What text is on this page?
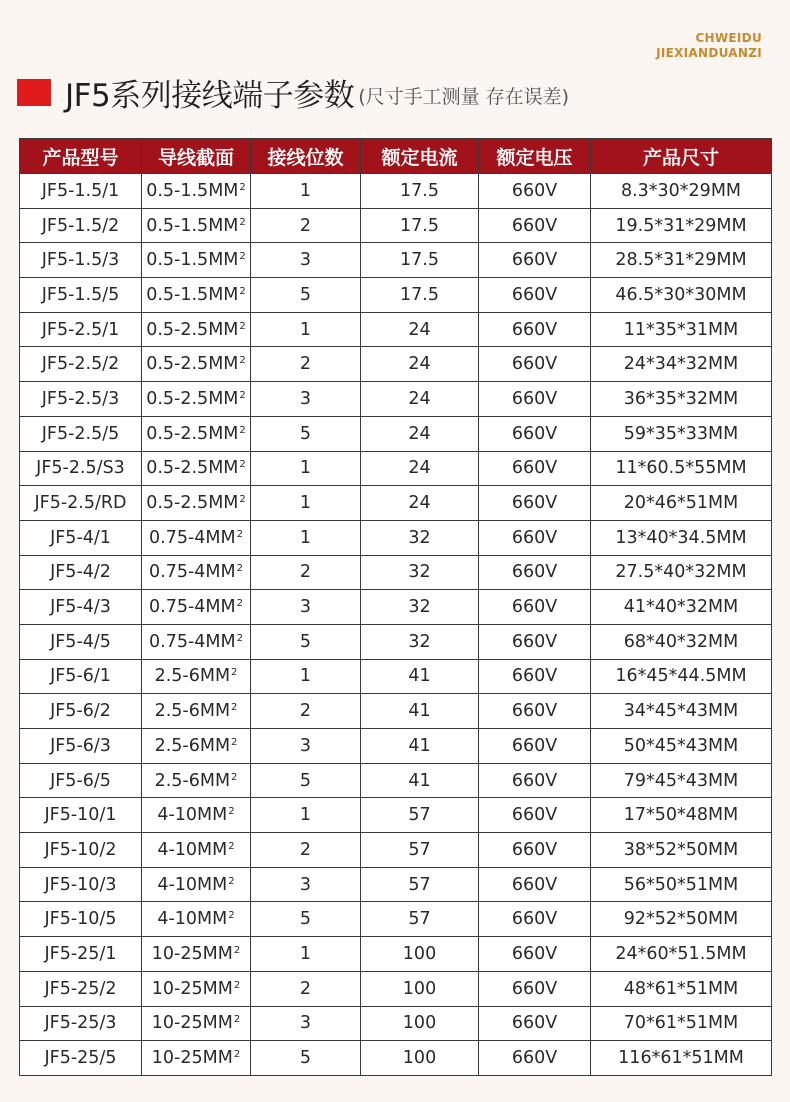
CHWEIDU
JIEXIANDUANZI
JF5系列接线端子参数 (尺寸手工测量 存在误差)
产品型号	导线截面	接线位数	额定电流	额定电压	产品尺寸
JF5-1.5/1	$0.5-1.5MM^2$	1	17.5	660V	8.3*30*29MM
JF5-1.5/2	$0.5-1.5MM^2$	2	17.5	660V	19.5*31*29MM
JF5-1.5/3	$0.5-1.5MM^2$	3	17.5	660V	28.5*31*29MM
JF5-1.5/5	$0.5-1.5MM^2$	5	17.5	660V	46.5*30*30MM
JF5-2.5/1	$0.5-2.5MM^2$	1	24	660V	11*35*31MM
JF5-2.5/2	$0.5-2.5MM^2$	2	24	660V	24*34*32MM
JF5-2.5/3	$0.5-2.5MM^2$	3	24	660V	36*35*32MM
JF5-2.5/5	$0.5-2.5MM^2$	5	24	660V	59*35*33MM
JF5-2.5/S3	$0.5-2.5MM^2$	1	24	660V	11*60.5*55MM
JF5-2.5/RD	$0.5-2.5MM^2$	1	24	660V	20*46*51MM
JF5-4/1	$0.75-4MM^2$	1	32	660V	13*40*34.5MM
JF5-4/2	$0.75-4MM^2$	2	32	660V	27.5*40*32MM
JF5-4/3	$0.75-4MM^2$	3	32	660V	41*40*32MM
JF5-4/5	$0.75-4MM^2$	5	32	660V	68*40*32MM
JF5-6/1	$2.5-6MM^2$	1	41	660V	16*45*44.5MM
JF5-6/2	$2.5-6MM^2$	2	41	660V	34*45*43MM
JF5-6/3	$2.5-6MM^2$	3	41	660V	50*45*43MM
JF5-6/5	$2.5-6MM^2$	5	41	660V	79*45*43MM
JF5-10/1	$4-10MM^2$	1	57	660V	17*50*48MM
JF5-10/2	$4-10MM^2$	2	57	660V	38*52*50MM
JF5-10/3	$4-10MM^2$	3	57	660V	56*50*51MM
JF5-10/5	$4-10MM^2$	5	57	660V	92*52*50MM
JF5-25/1	$10-25MM^2$	1	100	660V	24*60*51.5MM
JF5-25/2	$10-25MM^2$	2	100	660V	48*61*51MM
JF5-25/3	$10-25MM^2$	3	100	660V	70*61*51MM
JF5-25/5	$10-25MM^2$	5	100	660V	116*61*51MM
